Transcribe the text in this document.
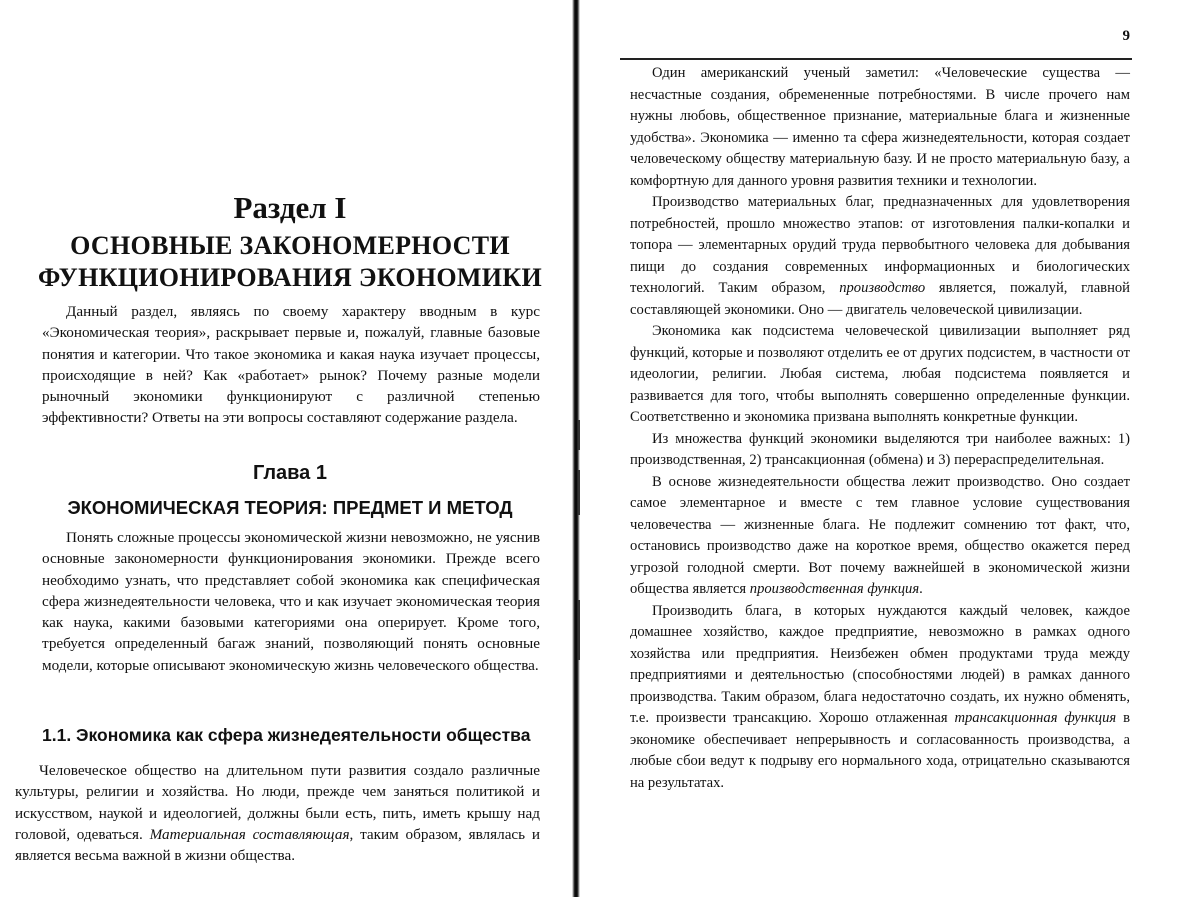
Раздел I
ОСНОВНЫЕ ЗАКОНОМЕРНОСТИ
ФУНКЦИОНИРОВАНИЯ ЭКОНОМИКИ

Данный раздел, являясь по своему характеру вводным в курс «Экономическая теория», раскрывает первые и, пожалуй, главные базовые понятия и категории. Что такое экономика и какая наука изучает процессы, происходящие в ней? Как «работает» рынок? Почему разные модели рыночный экономики функционируют с различной степенью эффективности? Ответы на эти вопросы составляют содержание раздела.

Глава 1
ЭКОНОМИЧЕСКАЯ ТЕОРИЯ: ПРЕДМЕТ И МЕТОД

Понять сложные процессы экономической жизни невозможно, не уяснив основные закономерности функционирования экономики. Прежде всего необходимо узнать, что представляет собой экономика как специфическая сфера жизнедеятельности человека, что и как изучает экономическая теория как наука, какими базовыми категориями она оперирует. Кроме того, требуется определенный багаж знаний, позволяющий понять основные модели, которые описывают экономическую жизнь человеческого общества.

1.1. Экономика как сфера жизнедеятельности общества

Человеческое общество на длительном пути развития создало различные культуры, религии и хозяйства. Но люди, прежде чем заняться политикой и искусством, наукой и идеологией, должны были есть, пить, иметь крышу над головой, одеваться. Материальная составляющая, таким образом, являлась и является весьма важной в жизни общества.

9

Один американский ученый заметил: «Человеческие существа — несчастные создания, обремененные потребностями. В числе прочего нам нужны любовь, общественное признание, материальные блага и жизненные удобства». Экономика — именно та сфера жизнедеятельности, которая создает человеческому обществу материальную базу. И не просто материальную базу, а комфортную для данного уровня развития техники и технологии.

Производство материальных благ, предназначенных для удовлетворения потребностей, прошло множество этапов: от изготовления палки-копалки и топора — элементарных орудий труда первобытного человека для добывания пищи до создания современных информационных и биологических технологий. Таким образом, производство является, пожалуй, главной составляющей экономики. Оно — двигатель человеческой цивилизации.

Экономика как подсистема человеческой цивилизации выполняет ряд функций, которые и позволяют отделить ее от других подсистем, в частности от идеологии, религии. Любая система, любая подсистема появляется и развивается для того, чтобы выполнять совершенно определенные функции. Соответственно и экономика призвана выполнять конкретные функции.

Из множества функций экономики выделяются три наиболее важных: 1) производственная, 2) трансакционная (обмена) и 3) перераспределительная.

В основе жизнедеятельности общества лежит производство. Оно создает самое элементарное и вместе с тем главное условие существования человечества — жизненные блага. Не подлежит сомнению тот факт, что, остановись производство даже на короткое время, общество окажется перед угрозой голодной смерти. Вот почему важнейшей в экономической жизни общества является производственная функция.

Производить блага, в которых нуждаются каждый человек, каждое домашнее хозяйство, каждое предприятие, невозможно в рамках одного хозяйства или предприятия. Неизбежен обмен продуктами труда между предприятиями и деятельностью (способностями людей) в рамках данного производства. Таким образом, блага недостаточно создать, их нужно обменять, т.е. произвести трансакцию. Хорошо отлаженная трансакционная функция в экономике обеспечивает непрерывность и согласованность производства, а любые сбои ведут к подрыву его нормального хода, отрицательно сказываются на результатах.
